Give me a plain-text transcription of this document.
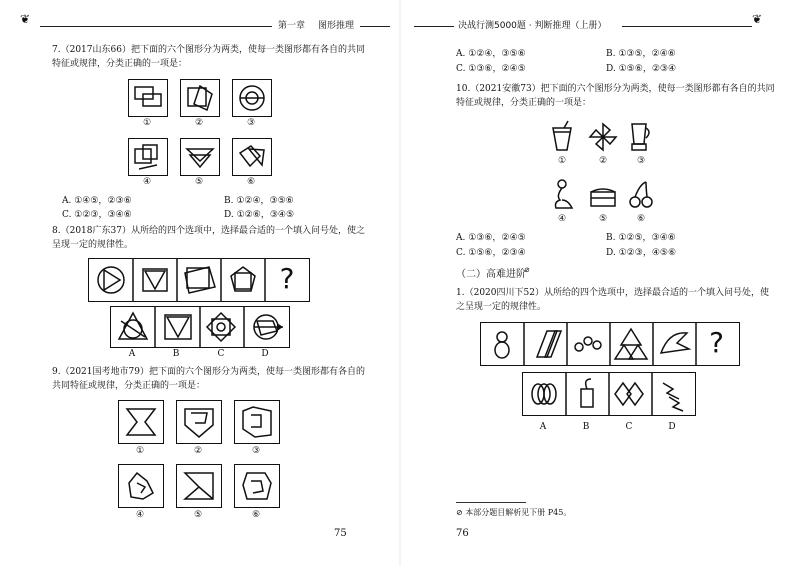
❦	第一章 图形推理
7.（2017山东66）把下面的六个图形分为两类，使每一类图形都有各自的共同
特征或规律，分类正确的一项是：
①	②	③
④	⑤	⑥
A. ①④⑤，②③⑥	B. ①②④，③⑤⑥
C. ①②③，③④⑥	D. ①②⑥，③④⑤
8.（2018广东37）从所给的四个选项中，选择最合适的一个填入问号处，使之
呈现一定的规律性。
?
A	B	C	D
9.（2021国考地市79）把下面的六个图形分为两类，使每一类图形都有各自的
共同特征或规律，分类正确的一项是：
①	②	③
④	⑤	⑥
75
决战行测5000题 · 判断推理（上册）	❦
A. ①②④，③⑤⑥	B. ①③⑤，②④⑥
C. ①③⑥，②④⑤	D. ①⑤⑥，②③④
10.（2021安徽73）把下面的六个图形分为两类，使每一类图形都有各自的共同
特征或规律，分类正确的一项是：
①	②	③
④	⑤	⑥
A. ①③⑥，②④⑤	B. ①②⑤，③④⑥
C. ①⑤⑥，②③④	D. ①②③，④⑤⑥
（二）高难进阶
⊘
1.（2020四川下52）从所给的四个选项中，选择最合适的一个填入问号处，使
之呈现一定的规律性。
?
A	B	C	D
⊘ 本部分题目解析见下册 P45。
76
